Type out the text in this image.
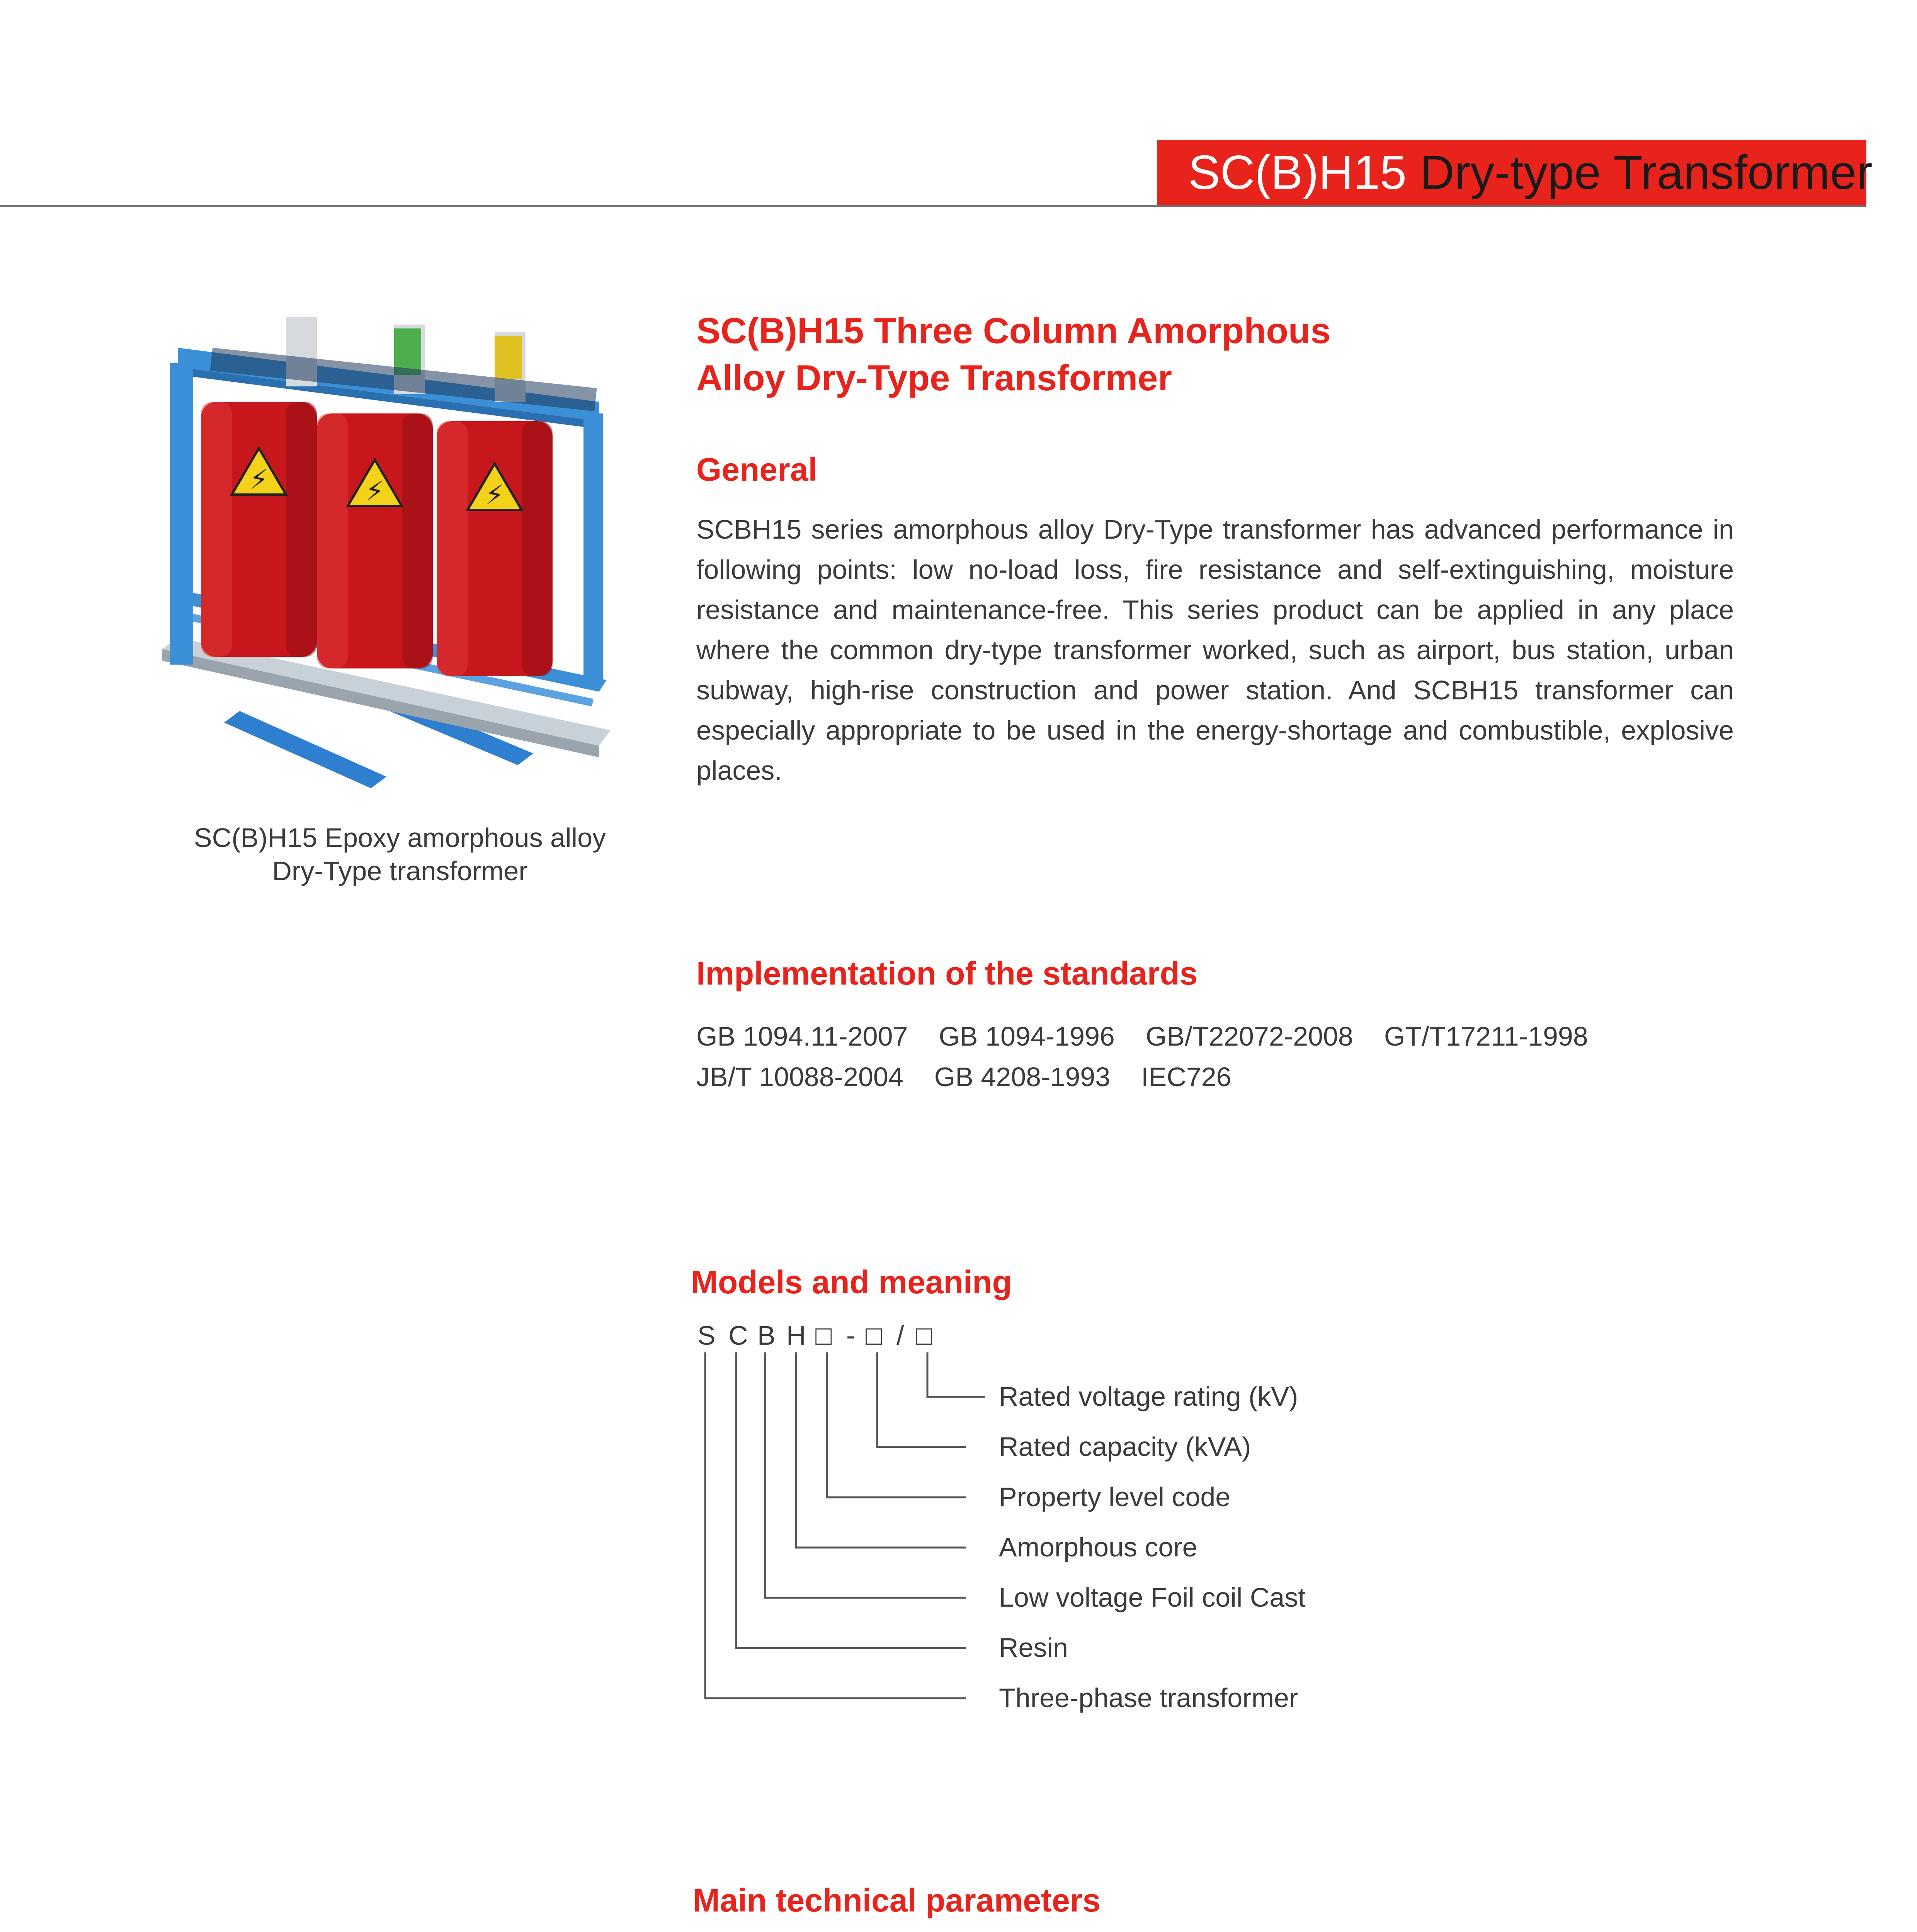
SC(B)H15 Dry-type Transformer
⚡	⚡	⚡
SC(B)H15 Epoxy amorphous alloy
Dry-Type transformer
SC(B)H15 Three Column Amorphous
Alloy Dry-Type Transformer
General
SCBH15 series amorphous alloy Dry-Type transformer has advanced performance in following points: low no-load loss, fire resistance and self-extinguishing, moisture resistance and maintenance-free. This series product can be applied in any place where the common dry-type transformer worked, such as airport, bus station, urban subway, high-rise construction and power station. And SCBH15 transformer can especially appropriate to be used in the energy-shortage and combustible, explosive places.
Implementation of the standards
GB 1094.11-2007 GB 1094-1996 GB/T22072-2008 GT/T17211-1998
JB/T 10088-2004 GB 4208-1993 IEC726
Models and meaning
S C B H □ - □ / □
Rated voltage rating (kV)
Rated capacity (kVA)
Property level code
Amorphous core
Low voltage Foil coil Cast
Resin
Three-phase transformer
Main technical parameters
